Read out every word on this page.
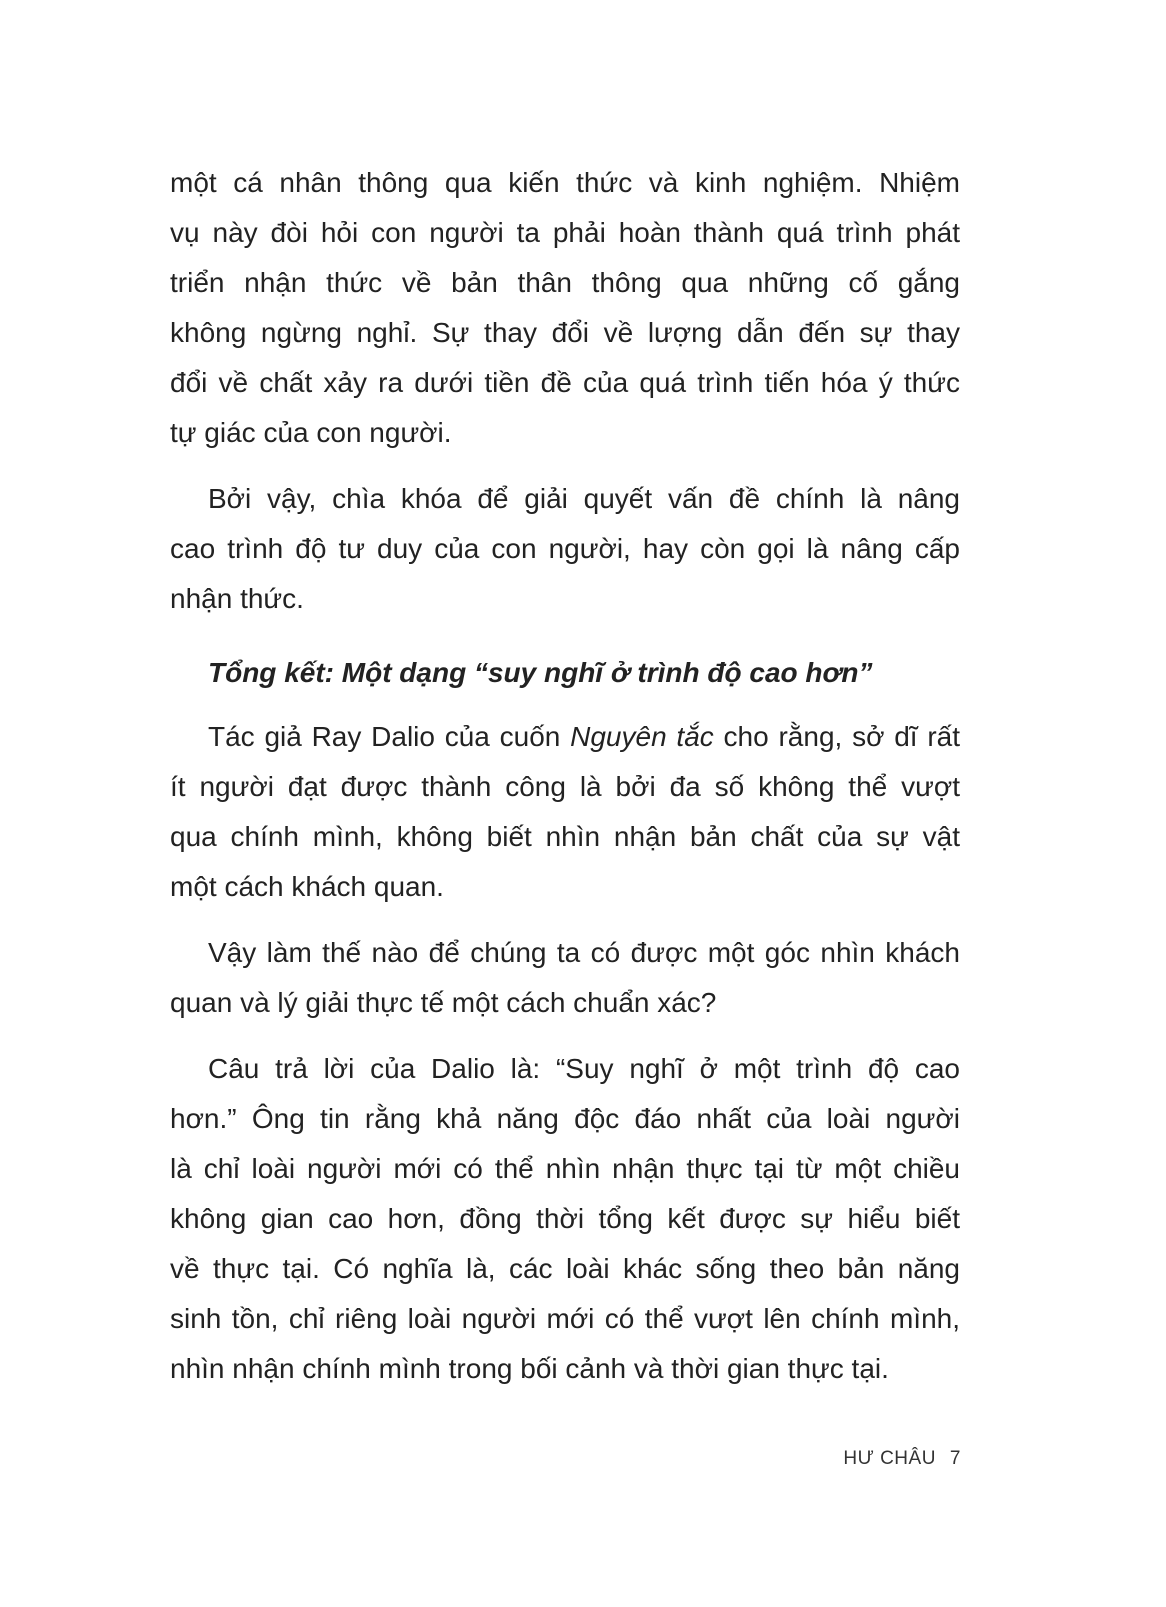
một cá nhân thông qua kiến thức và kinh nghiệm. Nhiệm
vụ này đòi hỏi con người ta phải hoàn thành quá trình phát
triển nhận thức về bản thân thông qua những cố gắng
không ngừng nghỉ. Sự thay đổi về lượng dẫn đến sự thay
đổi về chất xảy ra dưới tiền đề của quá trình tiến hóa ý thức
tự giác của con người.
Bởi vậy, chìa khóa để giải quyết vấn đề chính là nâng
cao trình độ tư duy của con người, hay còn gọi là nâng cấp
nhận thức.
Tổng kết: Một dạng “suy nghĩ ở trình độ cao hơn”
Tác giả Ray Dalio của cuốn Nguyên tắc cho rằng, sở dĩ rất
ít người đạt được thành công là bởi đa số không thể vượt
qua chính mình, không biết nhìn nhận bản chất của sự vật
một cách khách quan.
Vậy làm thế nào để chúng ta có được một góc nhìn khách
quan và lý giải thực tế một cách chuẩn xác?
Câu trả lời của Dalio là: “Suy nghĩ ở một trình độ cao
hơn.” Ông tin rằng khả năng độc đáo nhất của loài người
là chỉ loài người mới có thể nhìn nhận thực tại từ một chiều
không gian cao hơn, đồng thời tổng kết được sự hiểu biết
về thực tại. Có nghĩa là, các loài khác sống theo bản năng
sinh tồn, chỉ riêng loài người mới có thể vượt lên chính mình,
nhìn nhận chính mình trong bối cảnh và thời gian thực tại.
HƯ CHÂU 7
